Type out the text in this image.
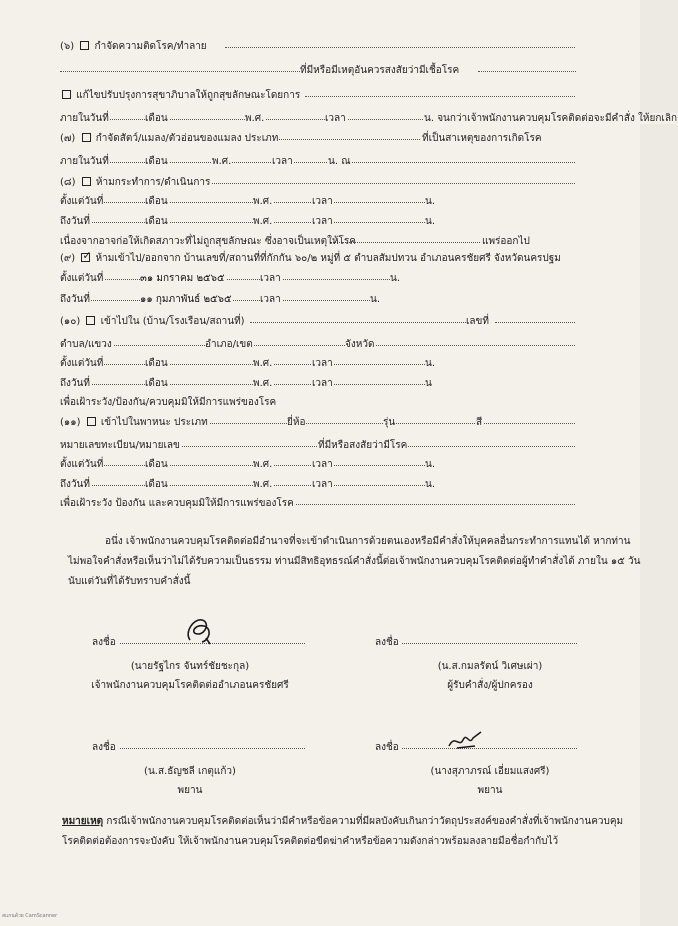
(๖) กำจัดความติดโรค/ทำลาย
ที่มีหรือมีเหตุอันควรสงสัยว่ามีเชื้อโรค
แก้ไขปรับปรุงการสุขาภิบาลให้ถูกสุขลักษณะโดยการ
ภายในวันที่	เดือน	พ.ศ.	เวลา	น. จนกว่าเจ้าพนักงานควบคุมโรคติดต่อจะมีคำสั่ง ให้ยกเลิก
(๗) กำจัดสัตว์/แมลง/ตัวอ่อนของแมลง ประเภท	ที่เป็นสาเหตุของการเกิดโรค
ภายในวันที่	เดือน	พ.ศ.	เวลา	น. ณ
(๘) ห้ามกระทำการ/ดำเนินการ
ตั้งแต่วันที่	เดือน	พ.ศ.	เวลา	น.
ถึงวันที่	เดือน	พ.ศ.	เวลา	น.
เนื่องจากอาจก่อให้เกิดสภาวะที่ไม่ถูกสุขลักษณะ ซึ่งอาจเป็นเหตุให้โรค	แพร่ออกไป
(๙) ✓ ห้ามเข้าไป/ออกจาก บ้านเลขที่/สถานที่ที่กักกัน ๖๐/๒ หมู่ที่ ๕ ตำบลสัมปทวน อำเภอนครชัยศรี จังหวัดนครปฐม
ตั้งแต่วันที่	๓๑ มกราคม ๒๕๖๕	เวลา	น.
ถึงวันที่	๑๑ กุมภาพันธ์ ๒๕๖๕	เวลา	น.
(๑๐) เข้าไปใน (บ้าน/โรงเรือน/สถานที่)	เลขที่
ตำบล/แขวง	อำเภอ/เขต	จังหวัด
ตั้งแต่วันที่	เดือน	พ.ศ.	เวลา	น.
ถึงวันที่	เดือน	พ.ศ.	เวลา	น
เพื่อเฝ้าระวัง/ป้องกัน/ควบคุมมิให้มีการแพร่ของโรค
(๑๑) เข้าไปในพาหนะ ประเภท	ยี่ห้อ	รุ่น	สี
หมายเลขทะเบียน/หมายเลข	ที่มีหรือสงสัยว่ามีโรค
ตั้งแต่วันที่	เดือน	พ.ศ.	เวลา	น.
ถึงวันที่	เดือน	พ.ศ.	เวลา	น.
เพื่อเฝ้าระวัง ป้องกัน และควบคุมมิให้มีการแพร่ของโรค
อนึ่ง เจ้าพนักงานควบคุมโรคติดต่อมีอำนาจที่จะเข้าดำเนินการด้วยตนเองหรือมีคำสั่งให้บุคคลอื่นกระทำการแทนได้ หากท่าน
ไม่พอใจคำสั่งหรือเห็นว่าไม่ได้รับความเป็นธรรม ท่านมีสิทธิอุทธรณ์คำสั่งนี้ต่อเจ้าพนักงานควบคุมโรคติดต่อผู้ทำคำสั่งได้ ภายใน ๑๕ วัน
นับแต่วันที่ได้รับทราบคำสั่งนี้
ลงชื่อ
(นายรัฐไกร จันทร์ชัยชะกุล)
เจ้าพนักงานควบคุมโรคติดต่ออำเภอนครชัยศรี
ลงชื่อ
(น.ส.กมลรัตน์ วิเศษเผ่า)
ผู้รับคำสั่ง/ผู้ปกครอง
ลงชื่อ
(น.ส.ธัญชลี เกตุแก้ว)
พยาน
ลงชื่อ
(นางสุภาภรณ์ เอี่ยมแสงศรี)
พยาน
หมายเหตุ กรณีเจ้าพนักงานควบคุมโรคติดต่อเห็นว่ามีคำหรือข้อความที่มีผลบังคับเกินกว่าวัตถุประสงค์ของคำสั่งที่เจ้าพนักงานควบคุม
โรคติดต่อต้องการจะบังคับ ให้เจ้าพนักงานควบคุมโรคติดต่อขีดฆ่าคำหรือข้อความดังกล่าวพร้อมลงลายมือชื่อกำกับไว้
สแกนด้วย CamScanner
